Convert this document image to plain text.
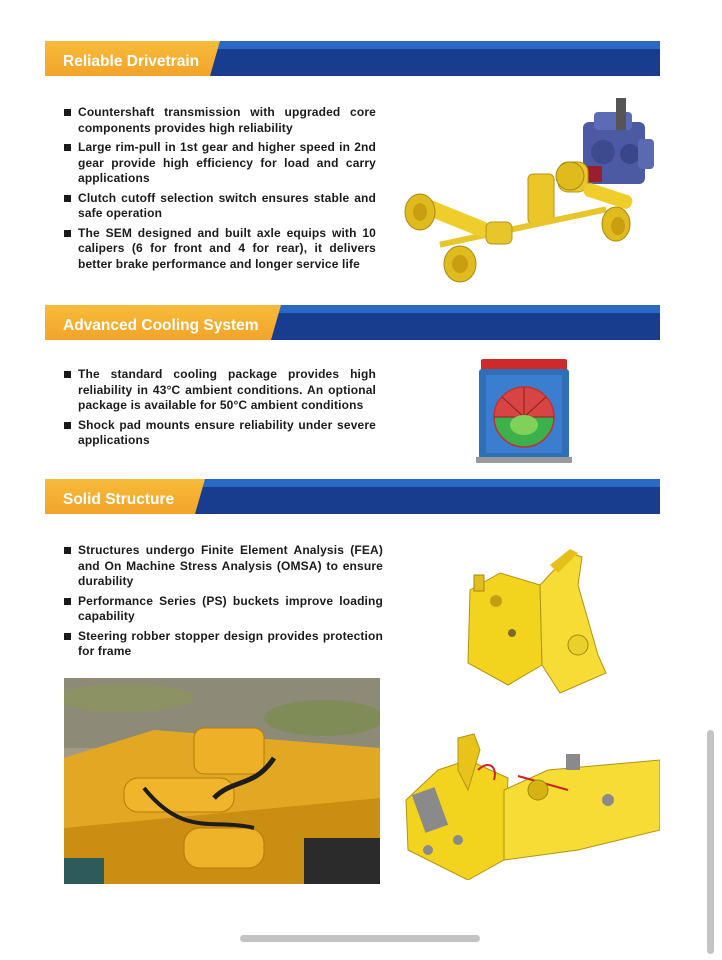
Reliable Drivetrain
Countershaft transmission with upgraded core components provides high reliability
Large rim-pull in 1st gear and higher speed in 2nd gear provide high efficiency for load and carry applications
Clutch cutoff selection switch ensures stable and safe operation
The SEM designed and built axle equips with 10 calipers (6 for front and 4 for rear), it delivers better brake performance and longer service life
Advanced Cooling System
The standard cooling package provides high reliability in 43°C ambient conditions. An optional package is available for 50°C ambient conditions
Shock pad mounts ensure reliability under severe applications
Solid Structure
Structures undergo Finite Element Analysis (FEA) and On Machine Stress Analysis (OMSA) to ensure durability
Performance Series (PS) buckets improve loading capability
Steering robber stopper design provides protection for frame
